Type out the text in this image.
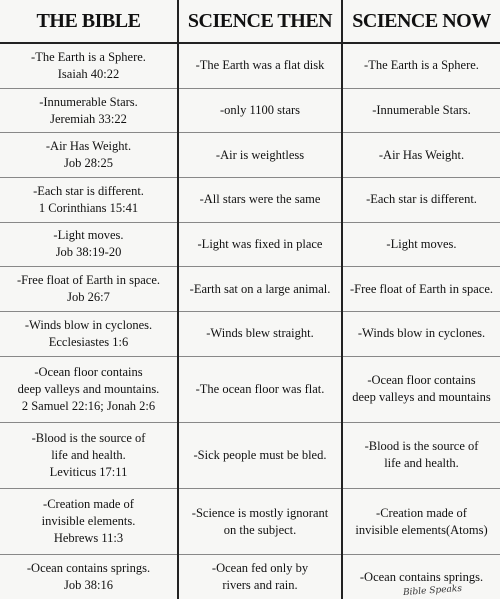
THE BIBLE	SCIENCE THEN	SCIENCE NOW

-The Earth is a Sphere.
Isaiah 40:22	-The Earth was a flat disk	-The Earth is a Sphere.

-Innumerable Stars.
Jeremiah 33:22	-only 1100 stars	-Innumerable Stars.

-Air Has Weight.
Job 28:25	-Air is weightless	-Air Has Weight.

-Each star is different.
1 Corinthians 15:41	-All stars were the same	-Each star is different.

-Light moves.
Job 38:19-20	-Light was fixed in place	-Light moves.

-Free float of Earth in space.
Job 26:7	-Earth sat on a large animal.	-Free float of Earth in space.

-Winds blow in cyclones.
Ecclesiastes 1:6	-Winds blew straight.	-Winds blow in cyclones.

-Ocean floor contains
deep valleys and mountains.
2 Samuel 22:16; Jonah 2:6	-The ocean floor was flat.	-Ocean floor contains
deep valleys and mountains

-Blood is the source of
life and health.
Leviticus 17:11	-Sick people must be bled.	-Blood is the source of
life and health.

-Creation made of
invisible elements.
Hebrews 11:3	-Science is mostly ignorant
on the subject.	-Creation made of
invisible elements(Atoms)

-Ocean contains springs.
Job 38:16	-Ocean fed only by
rivers and rain.	-Ocean contains springs.
Bible Speaks
